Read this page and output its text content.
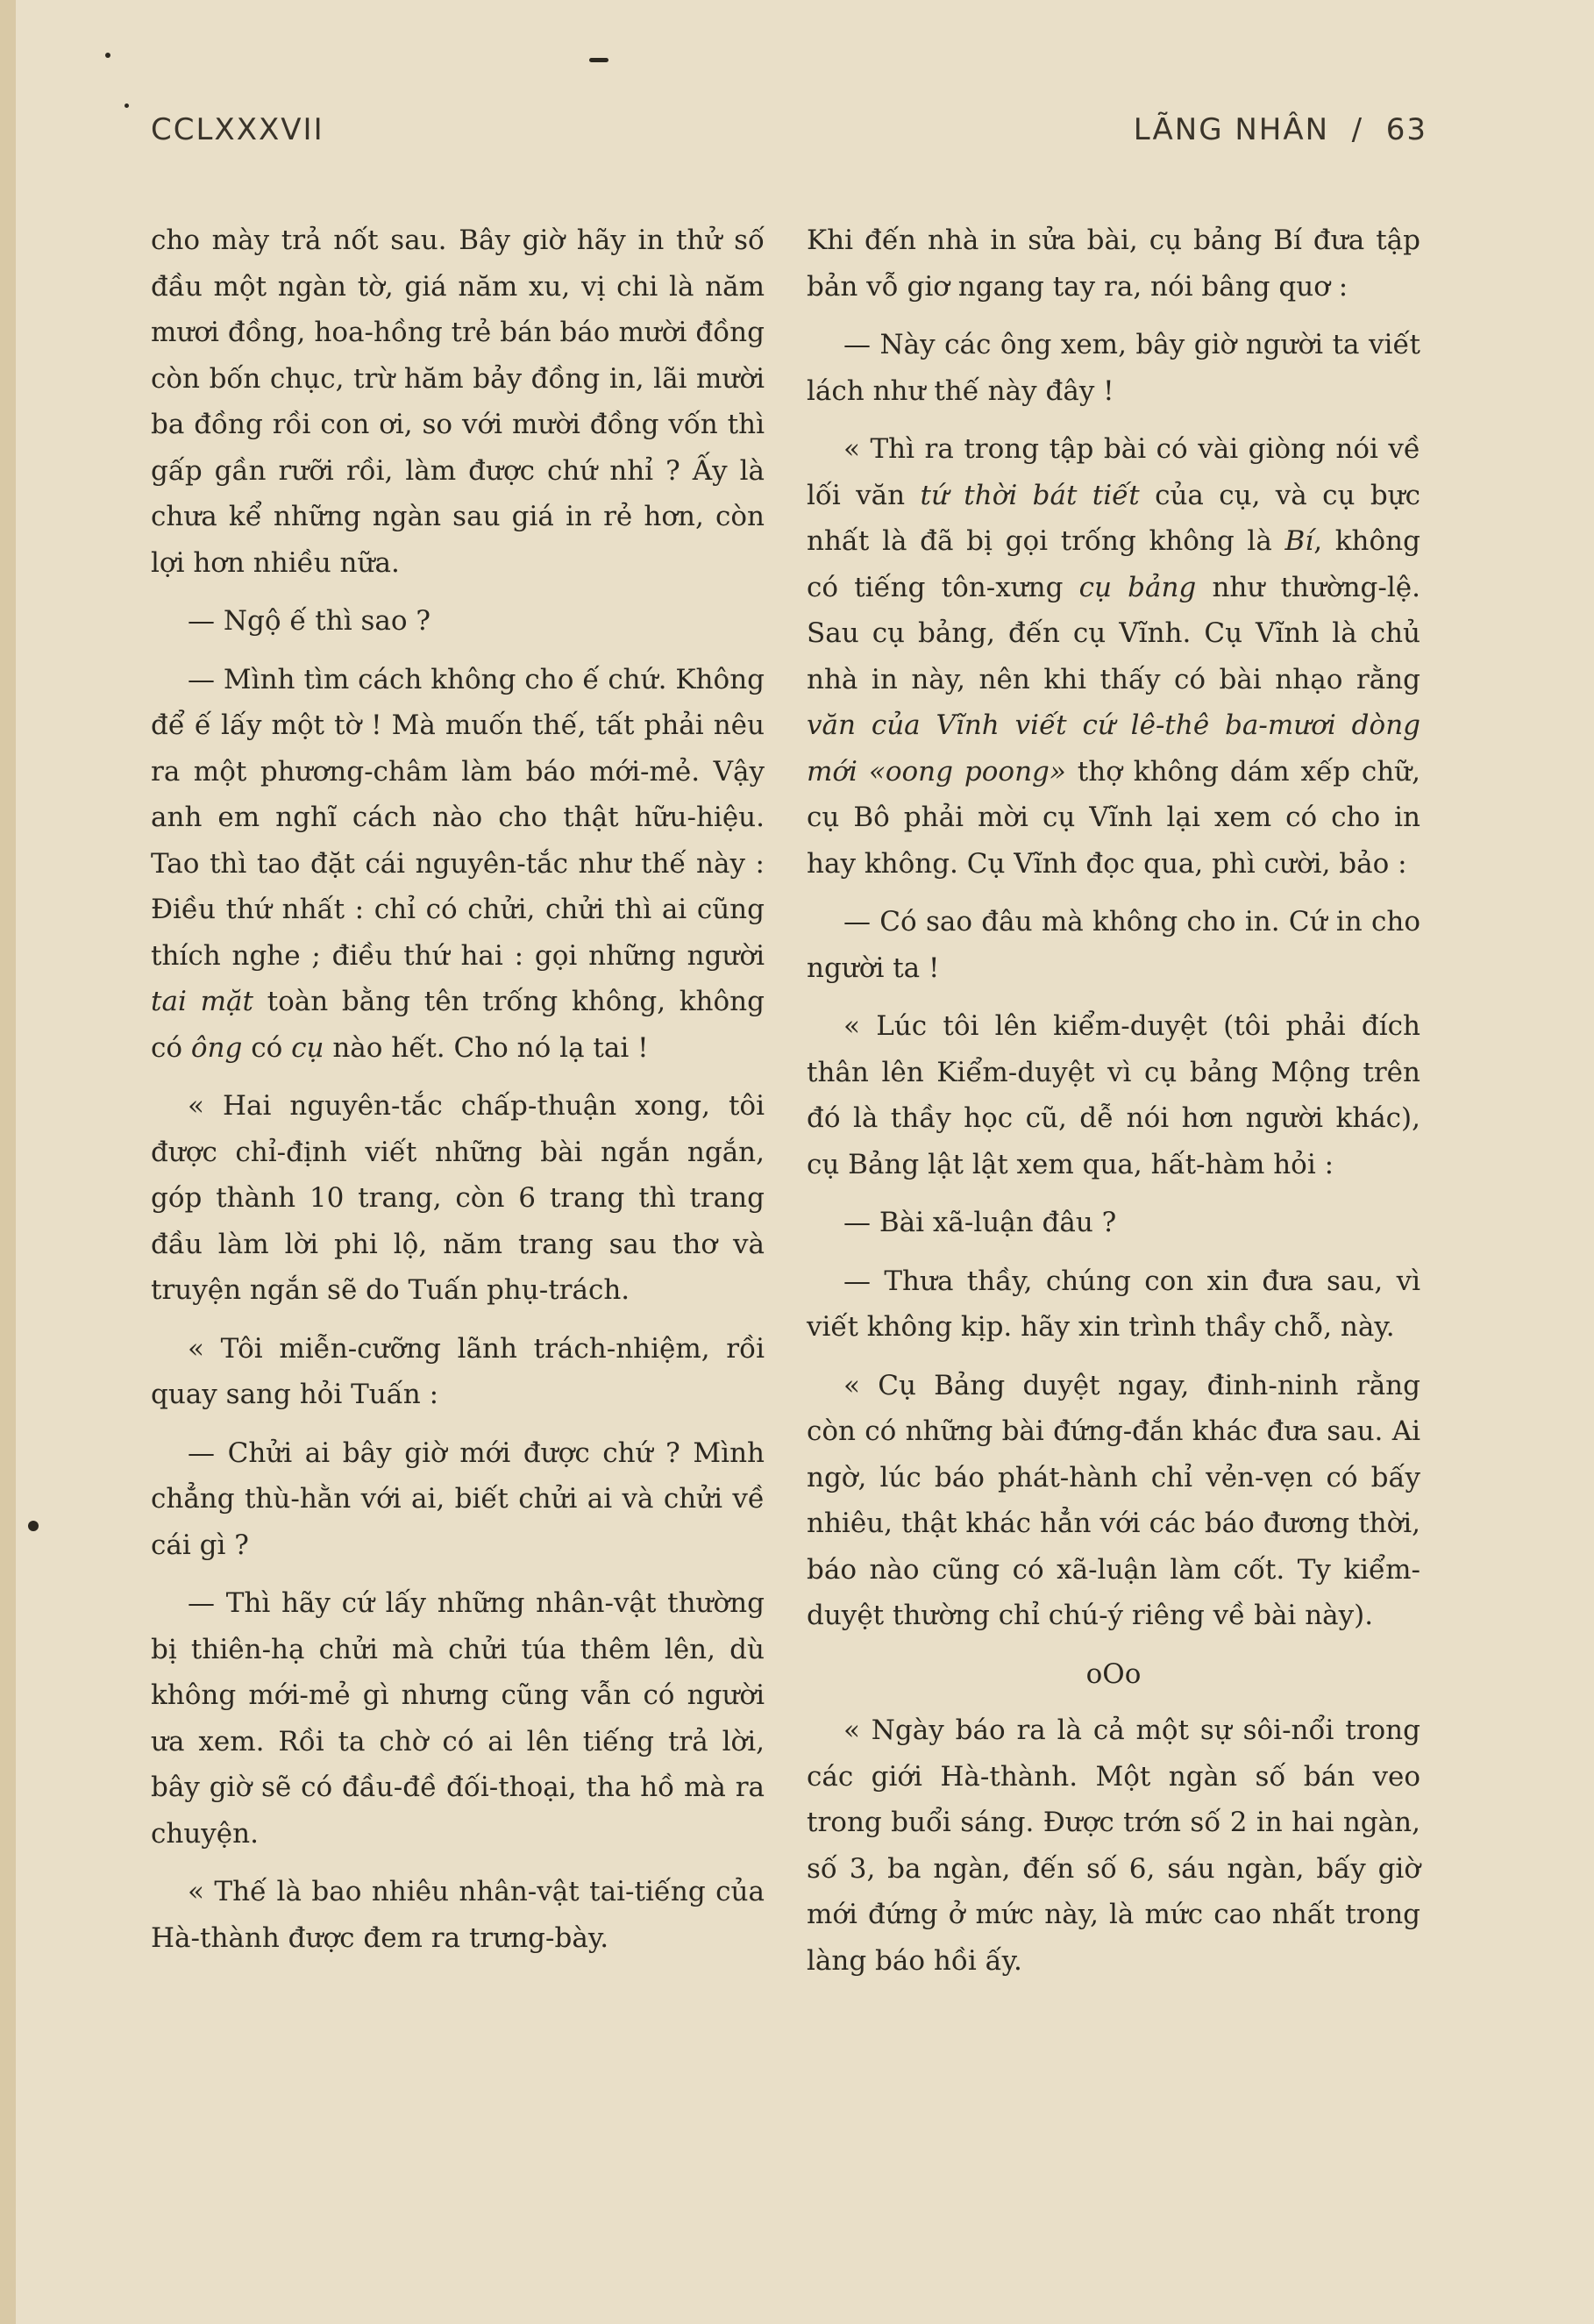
CCLXXXVII	LÃNG NHÂN  /  63

cho mày trả nốt sau. Bây giờ hãy in thử số đầu một ngàn tờ, giá năm xu, vị chi là năm mươi đồng, hoa-hồng trẻ bán báo mười đồng còn bốn chục, trừ hăm bảy đồng in, lãi mười ba đồng rồi con ơi, so với mười đồng vốn thì gấp gần rưỡi rồi, làm được chứ nhỉ ? Ấy là chưa kể những ngàn sau giá in rẻ hơn, còn lợi hơn nhiều nữa.

— Ngộ ế thì sao ?

— Mình tìm cách không cho ế chứ. Không để ế lấy một tờ ! Mà muốn thế, tất phải nêu ra một phương-châm làm báo mới-mẻ. Vậy anh em nghĩ cách nào cho thật hữu-hiệu. Tao thì tao đặt cái nguyên-tắc như thế này : Điều thứ nhất : chỉ có chửi, chửi thì ai cũng thích nghe ; điều thứ hai : gọi những người tai mặt toàn bằng tên trống không, không có ông có cụ nào hết. Cho nó lạ tai !

« Hai nguyên-tắc chấp-thuận xong, tôi được chỉ-định viết những bài ngắn ngắn, góp thành 10 trang, còn 6 trang thì trang đầu làm lời phi lộ, năm trang sau thơ và truyện ngắn sẽ do Tuấn phụ-trách.

« Tôi miễn-cưỡng lãnh trách-nhiệm, rồi quay sang hỏi Tuấn :

— Chửi ai bây giờ mới được chứ ? Mình chẳng thù-hằn với ai, biết chửi ai và chửi về cái gì ?

— Thì hãy cứ lấy những nhân-vật thường bị thiên-hạ chửi mà chửi túa thêm lên, dù không mới-mẻ gì nhưng cũng vẫn có người ưa xem. Rồi ta chờ có ai lên tiếng trả lời, bây giờ sẽ có đầu-đề đối-thoại, tha hồ mà ra chuyện.

« Thế là bao nhiêu nhân-vật tai-tiếng của Hà-thành được đem ra trưng-bày.

Khi đến nhà in sửa bài, cụ bảng Bí đưa tập bản vỗ giơ ngang tay ra, nói bâng quơ :

— Này các ông xem, bây giờ người ta viết lách như thế này đây !

« Thì ra trong tập bài có vài giòng nói về lối văn tứ thời bát tiết của cụ, và cụ bực nhất là đã bị gọi trống không là Bí, không có tiếng tôn-xưng cụ bảng như thường-lệ. Sau cụ bảng, đến cụ Vĩnh. Cụ Vĩnh là chủ nhà in này, nên khi thấy có bài nhạo rằng văn của Vĩnh viết cứ lê-thê ba-mươi dòng mới «oong poong» thợ không dám xếp chữ, cụ Bô phải mời cụ Vĩnh lại xem có cho in hay không. Cụ Vĩnh đọc qua, phì cười, bảo :

— Có sao đâu mà không cho in. Cứ in cho người ta !

« Lúc tôi lên kiểm-duyệt (tôi phải đích thân lên Kiểm-duyệt vì cụ bảng Mộng trên đó là thầy học cũ, dễ nói hơn người khác), cụ Bảng lật lật xem qua, hất-hàm hỏi :

— Bài xã-luận đâu ?

— Thưa thầy, chúng con xin đưa sau, vì viết không kịp. hãy xin trình thầy chỗ, này.

« Cụ Bảng duyệt ngay, đinh-ninh rằng còn có những bài đứng-đắn khác đưa sau. Ai ngờ, lúc báo phát-hành chỉ vẻn-vẹn có bấy nhiêu, thật khác hẳn với các báo đương thời, báo nào cũng có xã-luận làm cốt. Ty kiểm-duyệt thường chỉ chú-ý riêng về bài này).

oOo

« Ngày báo ra là cả một sự sôi-nổi trong các giới Hà-thành. Một ngàn số bán veo trong buổi sáng. Được trớn số 2 in hai ngàn, số 3, ba ngàn, đến số 6, sáu ngàn, bấy giờ mới đứng ở mức này, là mức cao nhất trong làng báo hồi ấy.
